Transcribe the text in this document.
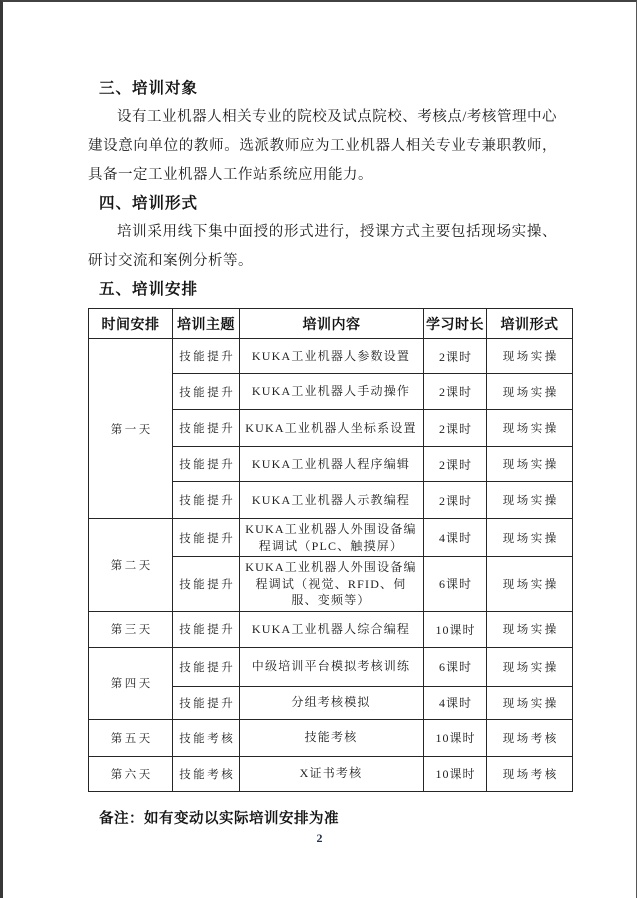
三、培训对象

设有工业机器人相关专业的院校及试点院校、考核点/考核管理中心建设意向单位的教师。选派教师应为工业机器人相关专业专兼职教师，具备一定工业机器人工作站系统应用能力。

四、培训形式

培训采用线下集中面授的形式进行，授课方式主要包括现场实操、研讨交流和案例分析等。

五、培训安排
时间安排	培训主题	培训内容	学习时长	培训形式
第一天	技能提升	KUKA工业机器人参数设置	2课时	现场实操
	技能提升	KUKA工业机器人手动操作	2课时	现场实操
	技能提升	KUKA工业机器人坐标系设置	2课时	现场实操
	技能提升	KUKA工业机器人程序编辑	2课时	现场实操
	技能提升	KUKA工业机器人示教编程	2课时	现场实操
第二天	技能提升	KUKA工业机器人外围设备编程调试（PLC、触摸屏）	4课时	现场实操
	技能提升	KUKA工业机器人外围设备编程调试（视觉、RFID、伺服、变频等）	6课时	现场实操
第三天	技能提升	KUKA工业机器人综合编程	10课时	现场实操
第四天	技能提升	中级培训平台模拟考核训练	6课时	现场实操
	技能提升	分组考核模拟	4课时	现场实操
第五天	技能考核	技能考核	10课时	现场考核
第六天	技能考核	X证书考核	10课时	现场考核
备注：如有变动以实际培训安排为准
2
